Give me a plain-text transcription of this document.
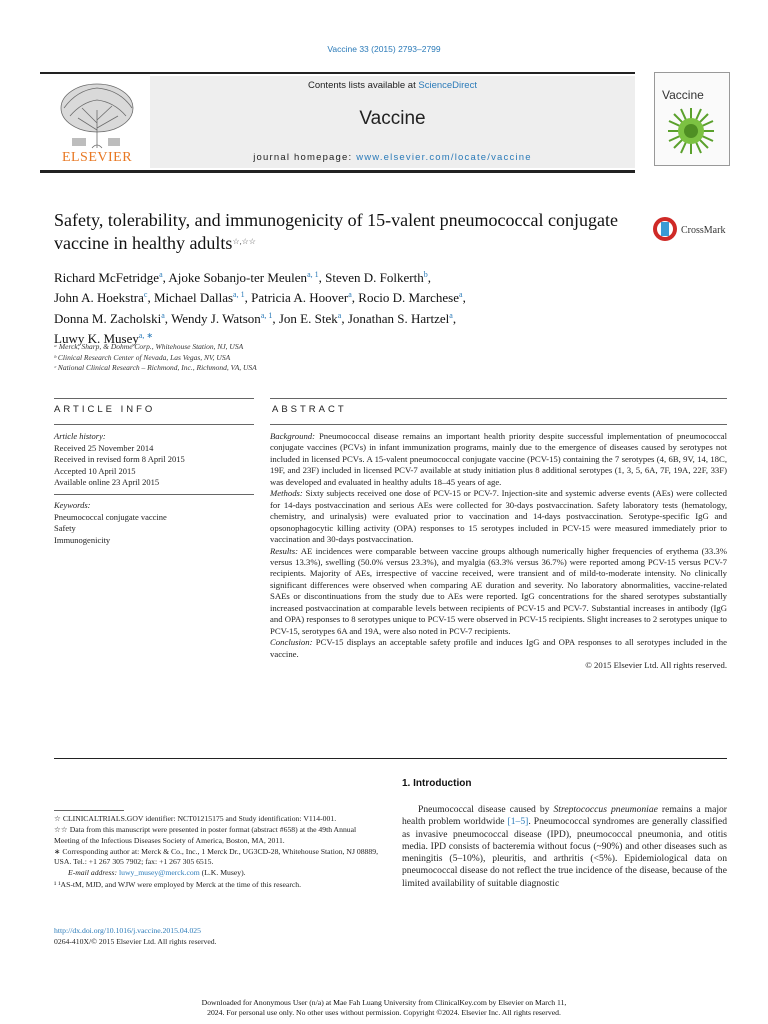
Vaccine 33 (2015) 2793–2799
Contents lists available at ScienceDirect
Vaccine
journal homepage: www.elsevier.com/locate/vaccine
ELSEVIER
Vaccine
Safety, tolerability, and immunogenicity of 15-valent pneumococcal conjugate vaccine in healthy adults☆,☆☆
CrossMark
Richard McFetridge$^a$, Ajoke Sobanjo-ter Meulen$^{a, 1}$, Steven D. Folkerth$^b$,
John A. Hoekstra$^c$, Michael Dallas$^{a, 1}$, Patricia A. Hoover$^a$, Rocio D. Marchese$^a$,
Donna M. Zacholski$^a$, Wendy J. Watson$^{a, 1}$, Jon E. Stek$^a$, Jonathan S. Hartzel$^a$,
Luwy K. Musey$^{a, ∗}$
ᵃ Merck, Sharp, & Dohme Corp., Whitehouse Station, NJ, USA
ᵇ Clinical Research Center of Nevada, Las Vegas, NV, USA
ᶜ National Clinical Research – Richmond, Inc., Richmond, VA, USA
ARTICLE INFO
Article history:
Received 25 November 2014
Received in revised form 8 April 2015
Accepted 10 April 2015
Available online 23 April 2015
Keywords:
Pneumococcal conjugate vaccine
Safety
Immunogenicity
ABSTRACT

Background: Pneumococcal disease remains an important health priority despite successful implementation of pneumococcal conjugate vaccines (PCVs) in infant immunization programs, mainly due to the emergence of diseases caused by serotypes not included in licensed PCVs. A 15-valent pneumococcal conjugate vaccine (PCV-15) containing the 7 serotypes (4, 6B, 9V, 14, 18C, 19F, and 23F) included in licensed PCV-7 available at study initiation plus 8 additional serotypes (1, 3, 5, 6A, 7F, 19A, 22F, 33F) was developed and evaluated in healthy adults 18–45 years of age.

Methods: Sixty subjects received one dose of PCV-15 or PCV-7. Injection-site and systemic adverse events (AEs) were collected for 14-days postvaccination and serious AEs were collected for 30-days postvaccination. Safety laboratory tests (hematology, chemistry, and urinalysis) were evaluated prior to vaccination and 14-days postvaccination. Serotype-specific IgG and opsonophagocytic killing activity (OPA) responses to 15 serotypes included in PCV-15 were measured immediately prior to vaccination and 30-days postvaccination.

Results: AE incidences were comparable between vaccine groups although numerically higher frequencies of erythema (33.3% versus 13.3%), swelling (50.0% versus 23.3%), and myalgia (63.3% versus 36.7%) were reported among PCV-15 versus PCV-7 recipients. Majority of AEs, irrespective of vaccine received, were transient and of mild-to-moderate intensity. No clinically significant differences were observed when comparing AE duration and severity. No laboratory abnormalities, vaccine-related SAEs or discontinuations from the study due to AEs were reported. IgG concentrations for the shared serotypes substantially increased postvaccination at comparable levels between recipients of PCV-15 and PCV-7. Substantial increases in antibody (IgG and OPA) responses to 8 serotypes unique to PCV-15 were observed in PCV-15 recipients. Slight increases to 2 serotypes unique to PCV-15, serotypes 6A and 19A, were also noted in PCV-7 recipients.

Conclusion: PCV-15 displays an acceptable safety profile and induces IgG and OPA responses to all serotypes included in the vaccine.

© 2015 Elsevier Ltd. All rights reserved.

1. Introduction
Pneumococcal disease caused by Streptococcus pneumoniae remains a major health problem worldwide [1–5]. Pneumococcal syndromes are generally classified as invasive pneumococcal disease (IPD), pneumococcal pneumonia, and otitis media. IPD consists of bacteremia without focus (~90%) and other diseases such as meningitis (5–10%), pleuritis, and arthritis (<5%). Epidemiological data on pneumococcal disease do not reflect the true incidence of the disease, because of the limited availability of suitable diagnostic

☆ CLINICALTRIALS.GOV identifier: NCT01215175 and Study identification: V114-001.

☆☆ Data from this manuscript were presented in poster format (abstract #658) at the 49th Annual Meeting of the Infectious Diseases Society of America, Boston, MA, 2011.

∗ Corresponding author at: Merck & Co., Inc., 1 Merck Dr., UG3CD-28, Whitehouse Station, NJ 08889, USA. Tel.: +1 267 305 7902; fax: +1 267 305 6515.

E-mail address: luwy_musey@merck.com (L.K. Musey).

¹ ¹AS-tM, MJD, and WJW were employed by Merck at the time of this research.

http://dx.doi.org/10.1016/j.vaccine.2015.04.025
0264-410X/© 2015 Elsevier Ltd. All rights reserved.
Downloaded for Anonymous User (n/a) at Mae Fah Luang University from ClinicalKey.com by Elsevier on March 11,
2024. For personal use only. No other uses without permission. Copyright ©2024. Elsevier Inc. All rights reserved.
